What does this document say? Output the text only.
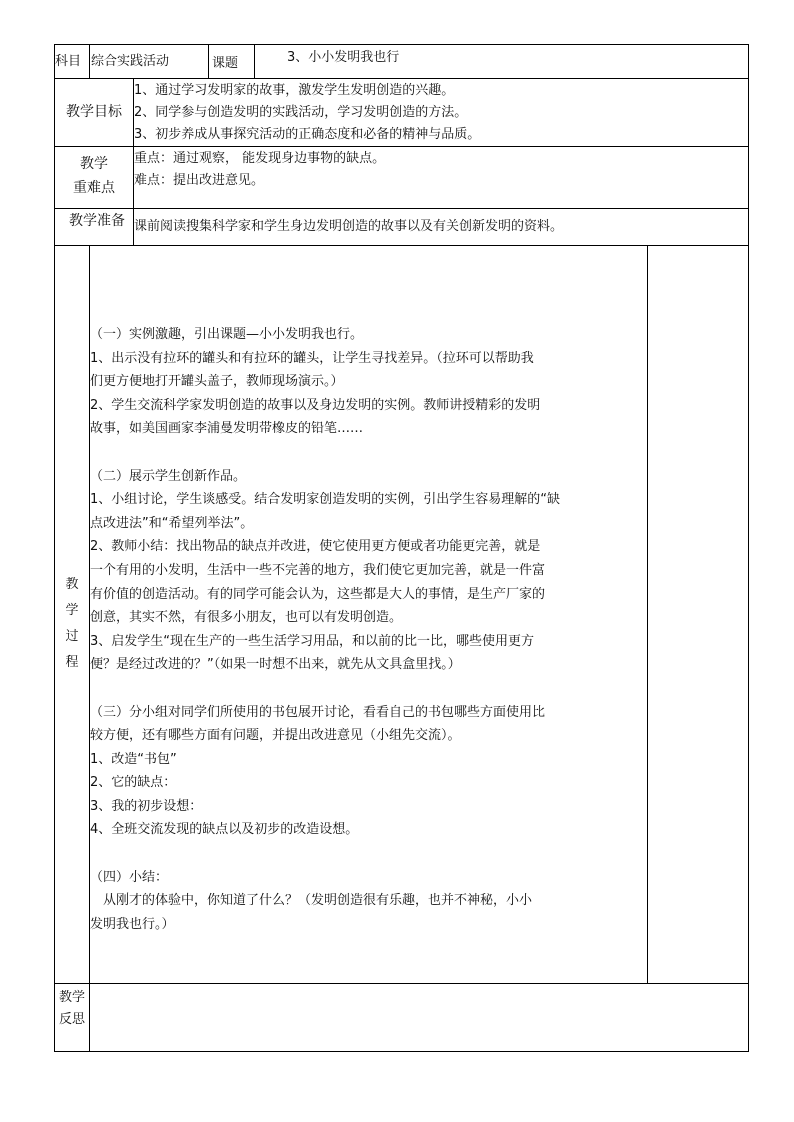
科目 综合实践活动	课题	3、小小发明我也行
教学目标
1、通过学习发明家的故事，激发学生发明创造的兴趣。
2、同学参与创造发明的实践活动，学习发明创造的方法。
3、初步养成从事探究活动的正确态度和必备的精神与品质。
教学
重难点
重点：通过观察， 能发现身边事物的缺点。
难点：提出改进意见。
教学准备 课前阅读搜集科学家和学生身边发明创造的故事以及有关创新发明的资料。
教
学
过
程
（一）实例激趣，引出课题—小小发明我也行。
1、出示没有拉环的罐头和有拉环的罐头，让学生寻找差异。（拉环可以帮助我
们更方便地打开罐头盖子，教师现场演示。）
2、学生交流科学家发明创造的故事以及身边发明的实例。教师讲授精彩的发明
故事，如美国画家李浦曼发明带橡皮的铅笔……
（二）展示学生创新作品。
1、小组讨论，学生谈感受。结合发明家创造发明的实例，引出学生容易理解的“缺
点改进法”和“希望列举法”。
2、教师小结：找出物品的缺点并改进，使它使用更方便或者功能更完善，就是
一个有用的小发明，生活中一些不完善的地方，我们使它更加完善，就是一件富
有价值的创造活动。有的同学可能会认为，这些都是大人的事情，是生产厂家的
创意，其实不然，有很多小朋友，也可以有发明创造。
3、启发学生“现在生产的一些生活学习用品，和以前的比一比，哪些使用更方
便？是经过改进的？”（如果一时想不出来，就先从文具盒里找。）
（三）分小组对同学们所使用的书包展开讨论，看看自己的书包哪些方面使用比
较方便，还有哪些方面有问题，并提出改进意见（小组先交流）。
1、改造“书包”
2、它的缺点：
3、我的初步设想：
4、全班交流发现的缺点以及初步的改造设想。
（四）小结：
　从刚才的体验中，你知道了什么？（发明创造很有乐趣，也并不神秘，小小
发明我也行。）
教学
反思
